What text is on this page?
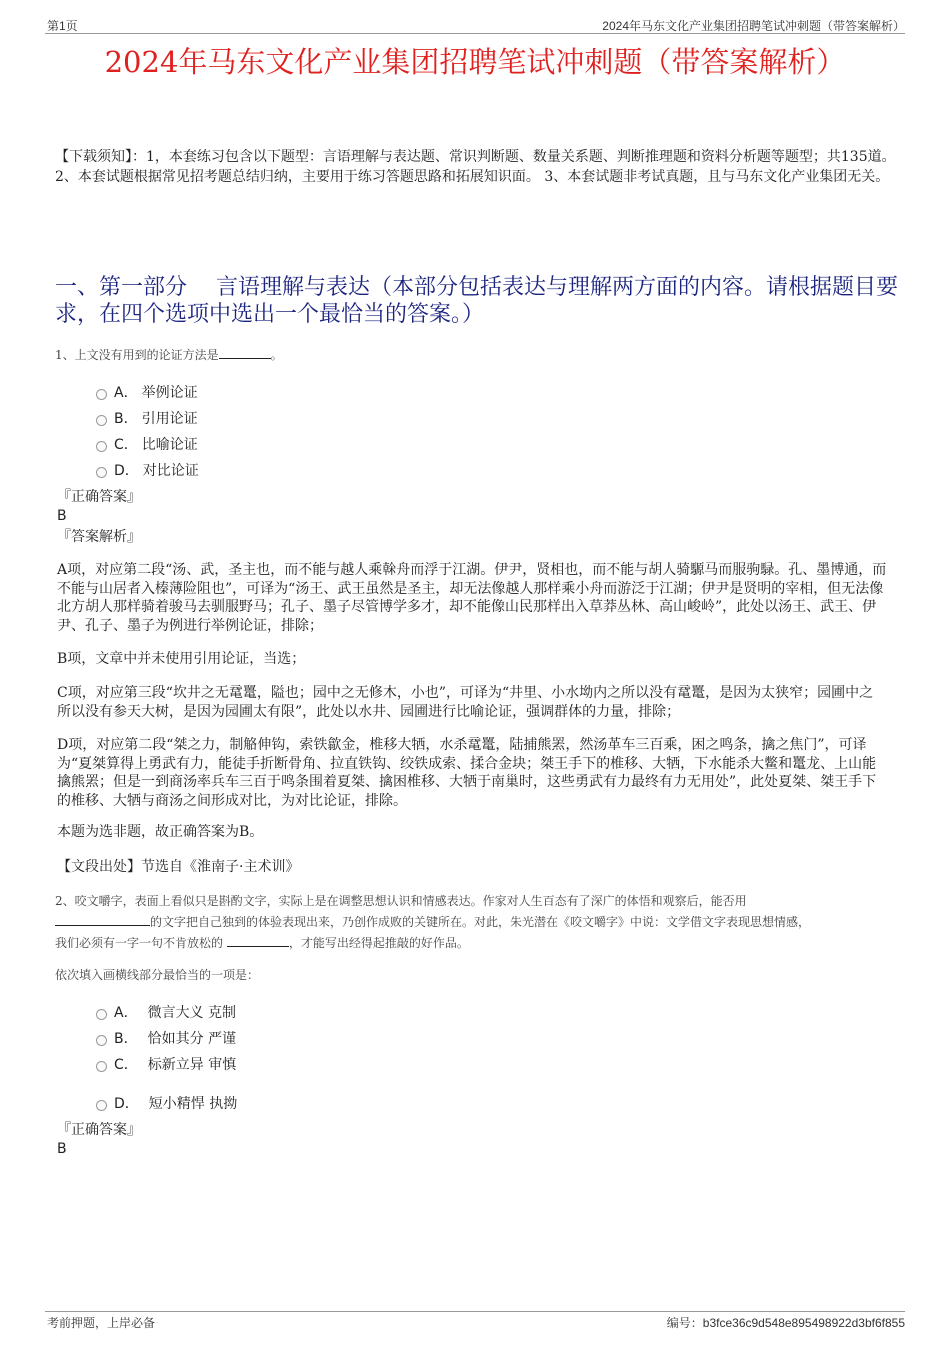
第1页	2024年马东文化产业集团招聘笔试冲刺题（带答案解析）
2024年马东文化产业集团招聘笔试冲刺题（带答案解析）
【下载须知】：1，本套练习包含以下题型：言语理解与表达题、常识判断题、数量关系题、判断推理题和资料分析题等题型；共135道。 2、本套试题根据常见招考题总结归纳，主要用于练习答题思路和拓展知识面。 3、本套试题非考试真题，且与马东文化产业集团无关。
一、第一部分　 言语理解与表达（本部分包括表达与理解两方面的内容。请根据题目要求，在四个选项中选出一个最恰当的答案。）
1、上文没有用到的论证方法是	。
A． 举例论证
B． 引用论证
C． 比喻论证
D． 对比论证
『正确答案』
B
『答案解析』
A项，对应第二段“汤、武，圣主也，而不能与越人乘榦舟而浮于江湖。伊尹，贤相也，而不能与胡人骑騵马而服驹騄。孔、墨博通，而不能与山居者入榛薄险阻也”，可译为“汤王、武王虽然是圣主，却无法像越人那样乘小舟而游泛于江湖；伊尹是贤明的宰相，但无法像北方胡人那样骑着骏马去驯服野马；孔子、墨子尽管博学多才，却不能像山民那样出入草莽丛林、高山峻岭”，此处以汤王、武王、伊尹、孔子、墨子为例进行举例论证，排除；
B项，文章中并未使用引用论证，当选；
C项，对应第三段“坎井之无鼋鼍，隘也；园中之无修木，小也”，可译为“井里、小水坳内之所以没有鼋鼍，是因为太狭窄；园圃中之所以没有参天大树，是因为园圃太有限”，此处以水井、园圃进行比喻论证，强调群体的力量，排除；
D项，对应第二段“桀之力，制觡伸钩，索铁歙金，椎移大牺，水杀鼋鼍，陆捕熊罴，然汤革车三百乘，困之鸣条，擒之焦门”，可译为“夏桀算得上勇武有力，能徒手折断骨角、拉直铁钩、绞铁成索、揉合金块；桀王手下的椎移、大牺，下水能杀大鳖和鼍龙、上山能擒熊罴；但是一到商汤率兵车三百于鸣条围着夏桀、擒困椎移、大牺于南巢时，这些勇武有力最终有力无用处”，此处夏桀、桀王手下的椎移、大牺与商汤之间形成对比，为对比论证，排除。
本题为选非题，故正确答案为B。
【文段出处】节选自《淮南子·主术训》
2、咬文嚼字，表面上看似只是斟酌文字，实际上是在调整思想认识和情感表达。作家对人生百态有了深广的体悟和观察后，能否用
的文字把自己独到的体验表现出来，乃创作成败的关键所在。对此，朱光潜在《咬文嚼字》中说：文学借文字表现思想情感，
我们必须有一字一句不肯放松的	，才能写出经得起推敲的好作品。
依次填入画横线部分最恰当的一项是：
A． 微言大义 克制
B． 恰如其分 严谨
C． 标新立异 审慎
D． 短小精悍 执拗
『正确答案』
B
考前押题，上岸必备	编号：b3fce36c9d548e895498922d3bf6f855
